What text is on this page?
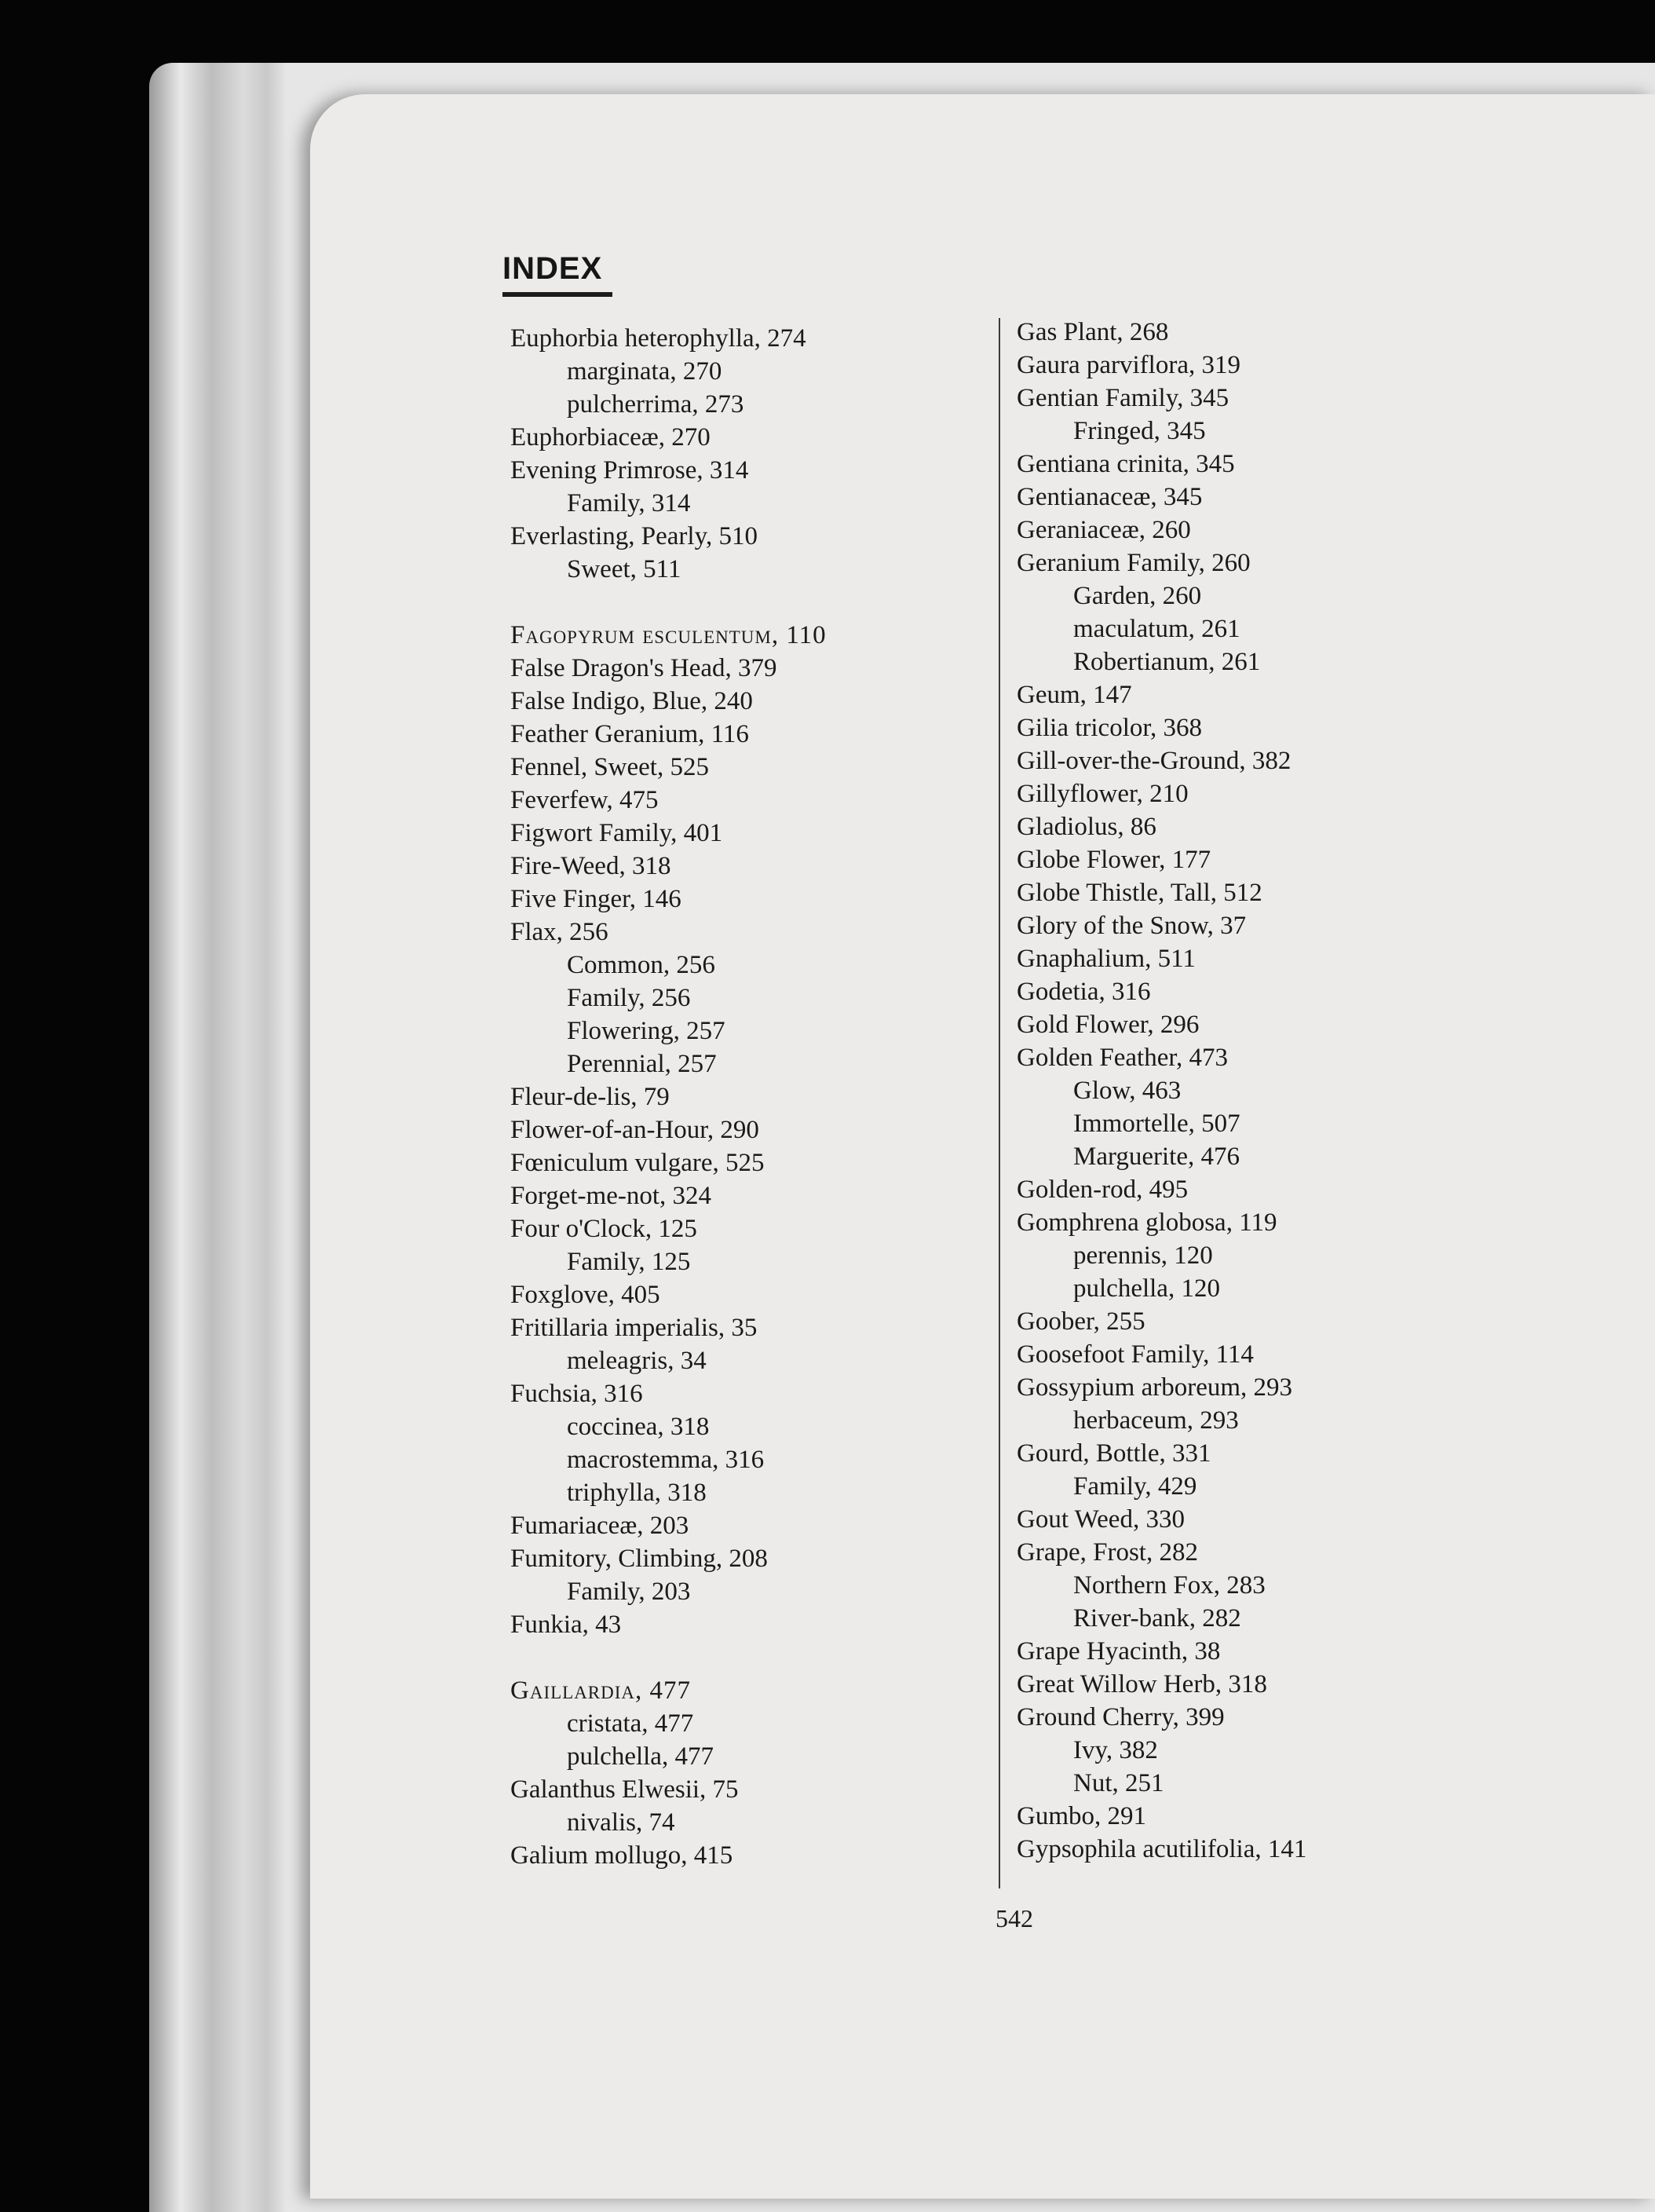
INDEX
Euphorbia heterophylla, 274
marginata, 270
pulcherrima, 273
Euphorbiaceæ, 270
Evening Primrose, 314
Family, 314
Everlasting, Pearly, 510
Sweet, 511
Fagopyrum esculentum, 110
False Dragon's Head, 379
False Indigo, Blue, 240
Feather Geranium, 116
Fennel, Sweet, 525
Feverfew, 475
Figwort Family, 401
Fire-Weed, 318
Five Finger, 146
Flax, 256
Common, 256
Family, 256
Flowering, 257
Perennial, 257
Fleur-de-lis, 79
Flower-of-an-Hour, 290
Fœniculum vulgare, 525
Forget-me-not, 324
Four o'Clock, 125
Family, 125
Foxglove, 405
Fritillaria imperialis, 35
meleagris, 34
Fuchsia, 316
coccinea, 318
macrostemma, 316
triphylla, 318
Fumariaceæ, 203
Fumitory, Climbing, 208
Family, 203
Funkia, 43
Gaillardia, 477
cristata, 477
pulchella, 477
Galanthus Elwesii, 75
nivalis, 74
Galium mollugo, 415
Gas Plant, 268
Gaura parviflora, 319
Gentian Family, 345
Fringed, 345
Gentiana crinita, 345
Gentianaceæ, 345
Geraniaceæ, 260
Geranium Family, 260
Garden, 260
maculatum, 261
Robertianum, 261
Geum, 147
Gilia tricolor, 368
Gill-over-the-Ground, 382
Gillyflower, 210
Gladiolus, 86
Globe Flower, 177
Globe Thistle, Tall, 512
Glory of the Snow, 37
Gnaphalium, 511
Godetia, 316
Gold Flower, 296
Golden Feather, 473
Glow, 463
Immortelle, 507
Marguerite, 476
Golden-rod, 495
Gomphrena globosa, 119
perennis, 120
pulchella, 120
Goober, 255
Goosefoot Family, 114
Gossypium arboreum, 293
herbaceum, 293
Gourd, Bottle, 331
Family, 429
Gout Weed, 330
Grape, Frost, 282
Northern Fox, 283
River-bank, 282
Grape Hyacinth, 38
Great Willow Herb, 318
Ground Cherry, 399
Ivy, 382
Nut, 251
Gumbo, 291
Gypsophila acutilifolia, 141
542
